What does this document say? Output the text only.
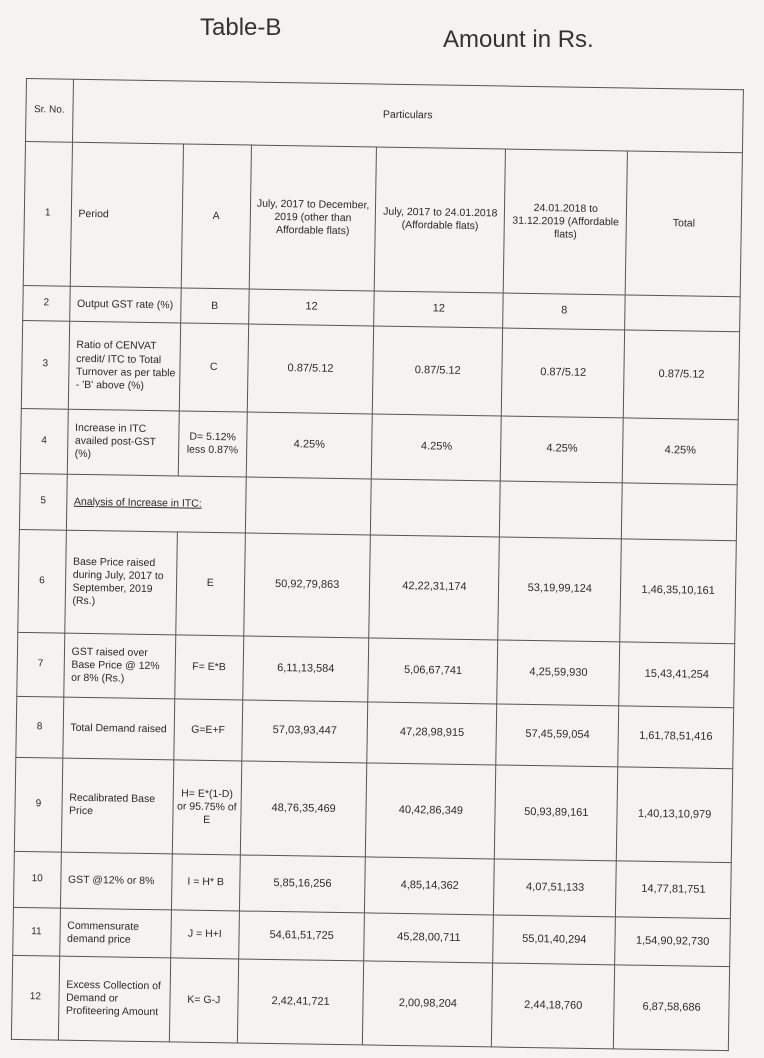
Table-B	Amount in Rs.
Sr. No.	Particulars					
1	Period	A	July, 2017 to December, 2019 (other than Affordable flats)	July, 2017 to 24.01.2018 (Affordable flats)	24.01.2018 to 31.12.2019 (Affordable flats)	Total
2	Output GST rate (%)	B	12	12	8	
3	Ratio of CENVAT credit/ ITC to Total Turnover as per table - 'B' above (%)	C	0.87/5.12	0.87/5.12	0.87/5.12	0.87/5.12
4	Increase in ITC availed post-GST (%)	D= 5.12% less 0.87%	4.25%	4.25%	4.25%	4.25%
5	Analysis of Increase in ITC:					
6	Base Price raised during July, 2017 to September, 2019 (Rs.)	E	50,92,79,863	42,22,31,174	53,19,99,124	1,46,35,10,161
7	GST raised over Base Price @ 12% or 8% (Rs.)	F= E*B	6,11,13,584	5,06,67,741	4,25,59,930	15,43,41,254
8	Total Demand raised	G=E+F	57,03,93,447	47,28,98,915	57,45,59,054	1,61,78,51,416
9	Recalibrated Base Price	H= E*(1-D) or 95.75% of E	48,76,35,469	40,42,86,349	50,93,89,161	1,40,13,10,979
10	GST @12% or 8%	I = H* B	5,85,16,256	4,85,14,362	4,07,51,133	14,77,81,751
11	Commensurate demand price	J = H+I	54,61,51,725	45,28,00,711	55,01,40,294	1,54,90,92,730
12	Excess Collection of Demand or Profiteering Amount	K= G-J	2,42,41,721	2,00,98,204	2,44,18,760	6,87,58,686
